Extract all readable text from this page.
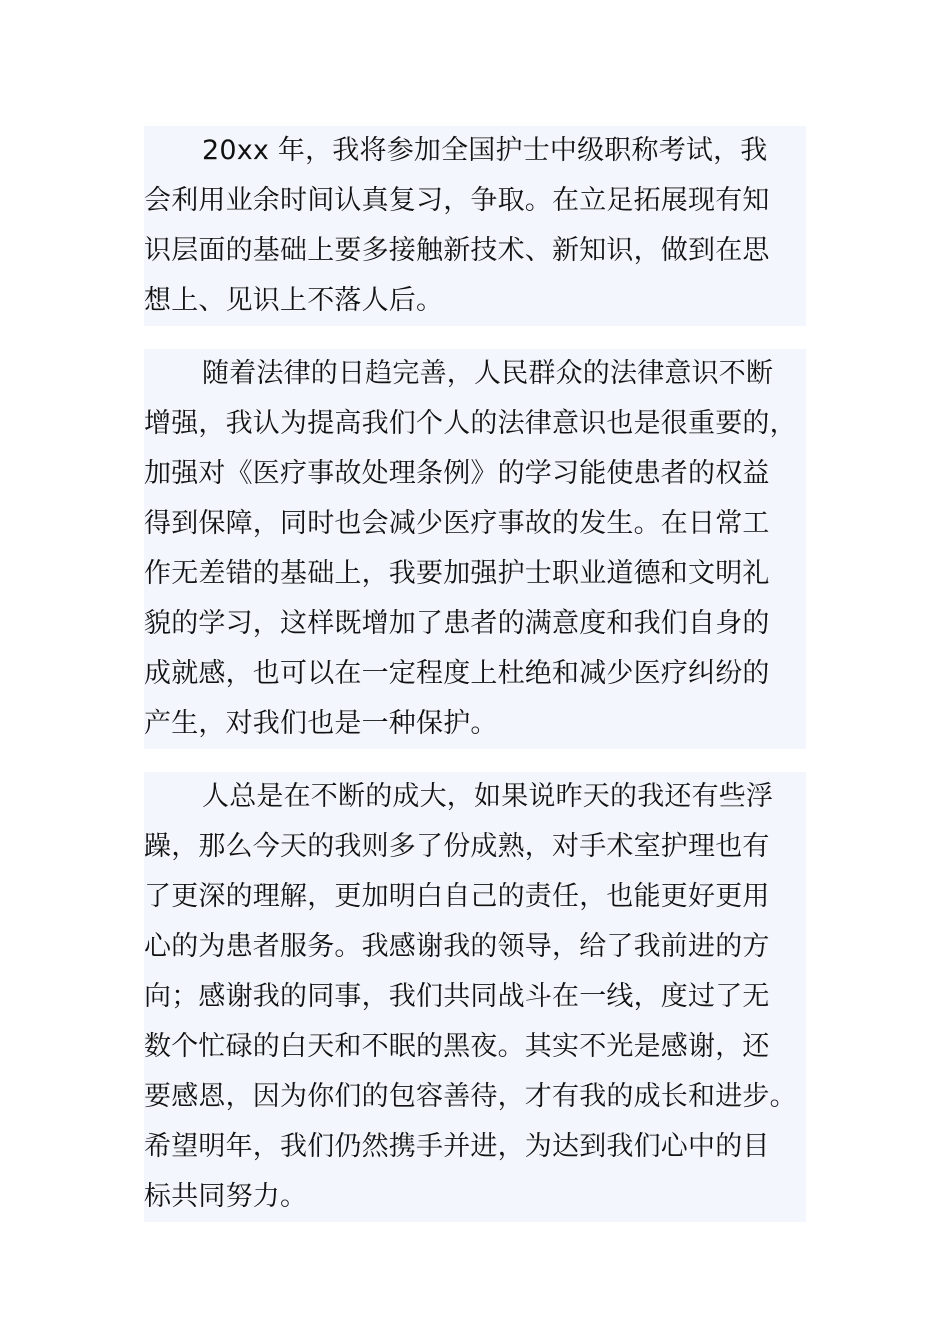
20xx 年，我将参加全国护士中级职称考试，我
会利用业余时间认真复习，争取。在立足拓展现有知
识层面的基础上要多接触新技术、新知识，做到在思
想上、见识上不落人后。
随着法律的日趋完善，人民群众的法律意识不断
增强，我认为提高我们个人的法律意识也是很重要的，
加强对《医疗事故处理条例》的学习能使患者的权益
得到保障，同时也会减少医疗事故的发生。在日常工
作无差错的基础上，我要加强护士职业道德和文明礼
貌的学习，这样既增加了患者的满意度和我们自身的
成就感，也可以在一定程度上杜绝和减少医疗纠纷的
产生，对我们也是一种保护。
人总是在不断的成大，如果说昨天的我还有些浮
躁，那么今天的我则多了份成熟，对手术室护理也有
了更深的理解，更加明白自己的责任，也能更好更用
心的为患者服务。我感谢我的领导，给了我前进的方
向；感谢我的同事，我们共同战斗在一线，度过了无
数个忙碌的白天和不眠的黑夜。其实不光是感谢，还
要感恩，因为你们的包容善待，才有我的成长和进步。
希望明年，我们仍然携手并进，为达到我们心中的目
标共同努力。
